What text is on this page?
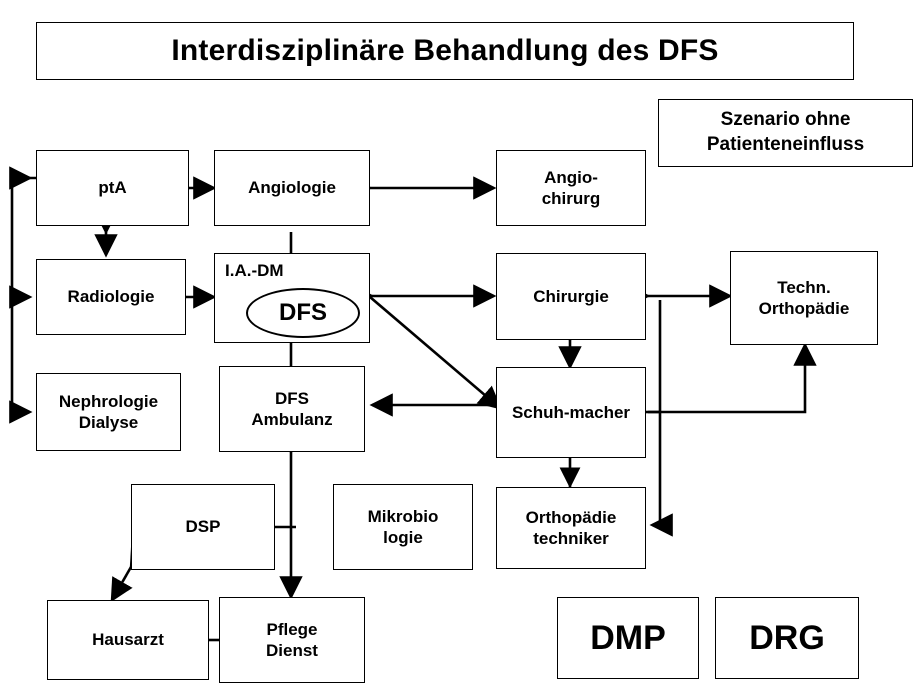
Interdisziplinäre Behandlung des DFS
Szenario ohne
Patienteneinfluss
ptA	Angiologie
Angio-
chirurg
Radiologie
I.A.-DM
DFS
Chirurgie	Techn.
Orthopädie
Nephrologie
Dialyse
DFS
Ambulanz	Schuh-macher
DSP
Mikrobio
logie
Orthopädie
techniker
Hausarzt
Pflege
Dienst	DMP DRG
